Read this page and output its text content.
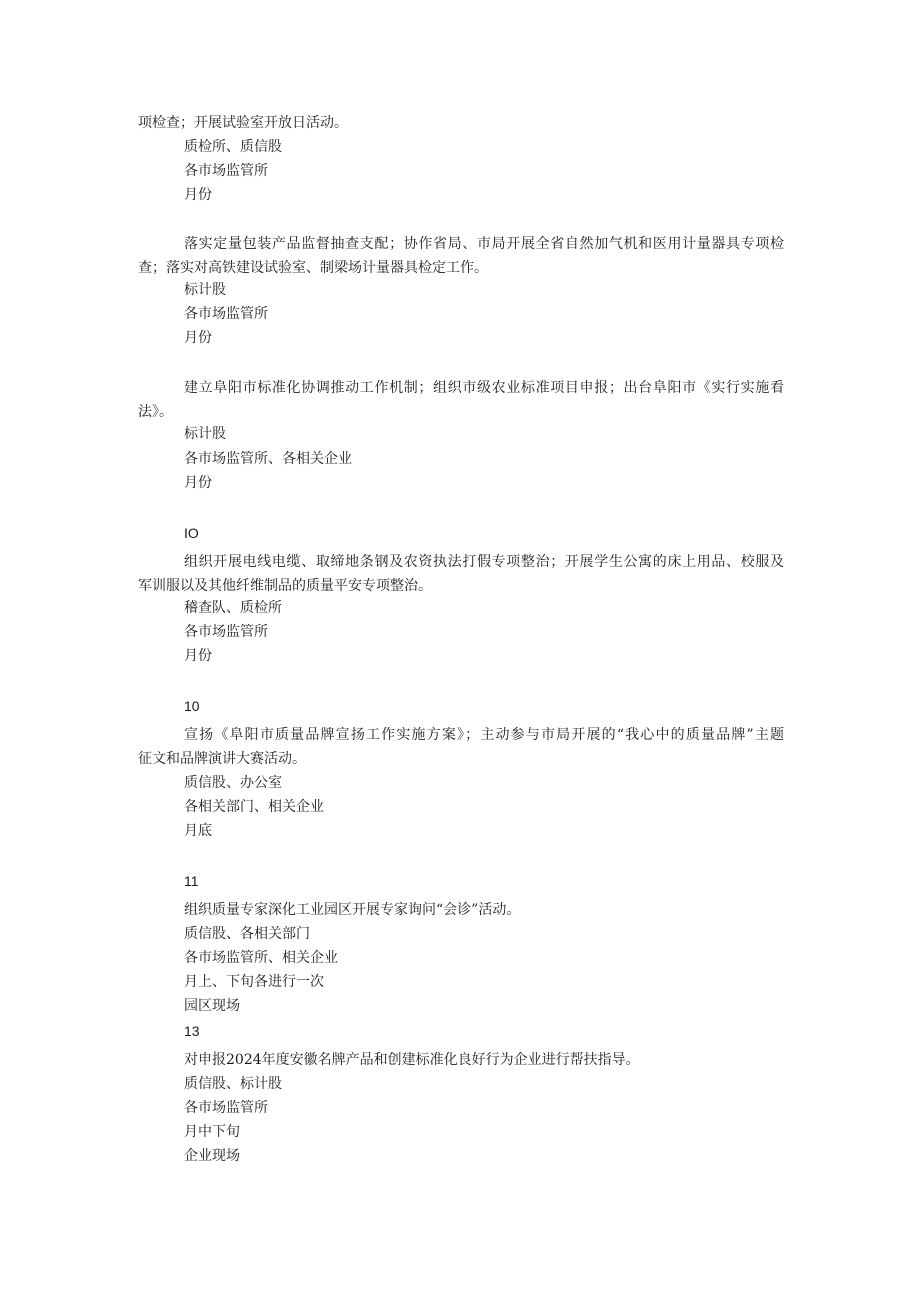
项检查；开展试验室开放日活动。
质检所、质信股
各市场监管所
月份
落实定量包装产品监督抽查支配；协作省局、市局开展全省自然加气机和医用计量器具专项检
查；落实对高铁建设试验室、制梁场计量器具检定工作。
标计股
各市场监管所
月份
建立阜阳市标准化协调推动工作机制；组织市级农业标准项目申报；出台阜阳市《实行实施看
法》。
标计股
各市场监管所、各相关企业
月份
IO
组织开展电线电缆、取缔地条钢及农资执法打假专项整治；开展学生公寓的床上用品、校服及
军训服以及其他纤维制品的质量平安专项整治。
稽查队、质检所
各市场监管所
月份
10
宣扬《阜阳市质量品牌宣扬工作实施方案》；主动参与市局开展的“我心中的质量品牌”主题
征文和品牌演讲大赛活动。
质信股、办公室
各相关部门、相关企业
月底
11
组织质量专家深化工业园区开展专家询问“会诊”活动。
质信股、各相关部门
各市场监管所、相关企业
月上、下旬各进行一次
园区现场
13
对申报2024年度安徽名牌产品和创建标准化良好行为企业进行帮扶指导。
质信股、标计股
各市场监管所
月中下旬
企业现场
